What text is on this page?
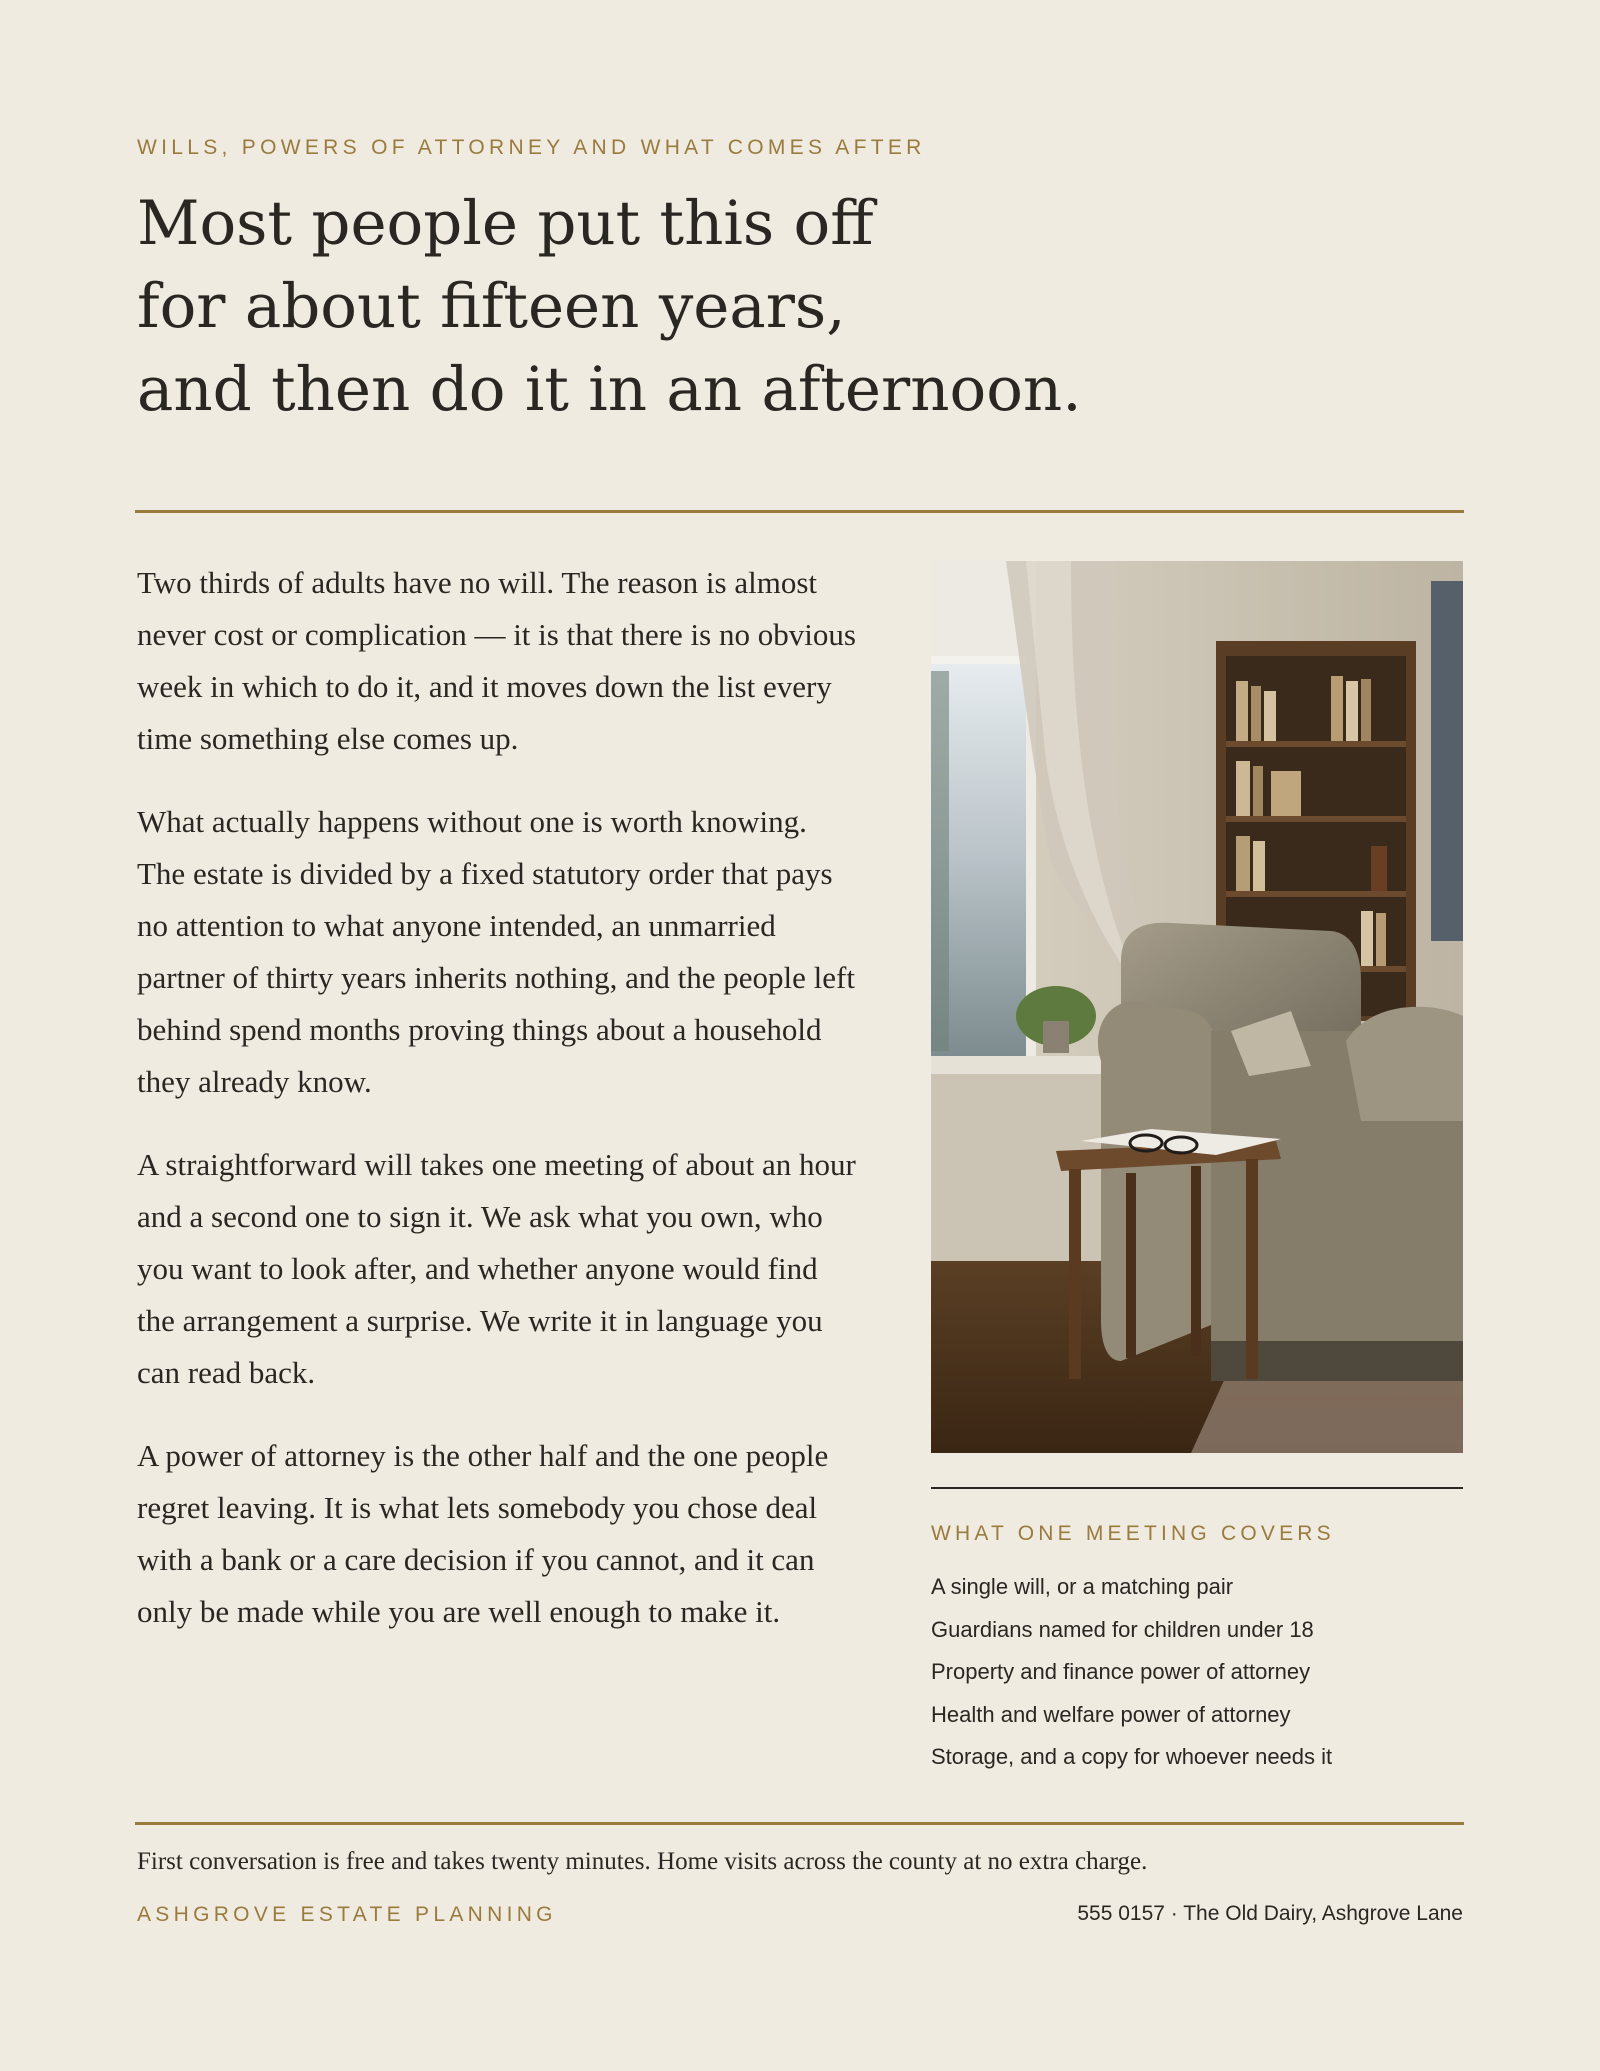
WILLS, POWERS OF ATTORNEY AND WHAT COMES AFTER
Most people put this off
for about fifteen years,
and then do it in an afternoon.

Two thirds of adults have no will. The reason is almost never cost or complication — it is that there is no obvious week in which to do it, and it moves down the list every time something else comes up.

What actually happens without one is worth knowing. The estate is divided by a fixed statutory order that pays no attention to what anyone intended, an unmarried partner of thirty years inherits nothing, and the people left behind spend months proving things about a household they already know.

A straightforward will takes one meeting of about an hour and a second one to sign it. We ask what you own, who you want to look after, and whether anyone would find the arrangement a surprise. We write it in language you can read back.

A power of attorney is the other half and the one people regret leaving. It is what lets somebody you chose deal with a bank or a care decision if you cannot, and it can only be made while you are well enough to make it.

WHAT ONE MEETING COVERS
A single will, or a matching pair
Guardians named for children under 18
Property and finance power of attorney
Health and welfare power of attorney
Storage, and a copy for whoever needs it
First conversation is free and takes twenty minutes. Home visits across the county at no extra charge.
ASHGROVE ESTATE PLANNING	555 0157 · The Old Dairy, Ashgrove Lane
